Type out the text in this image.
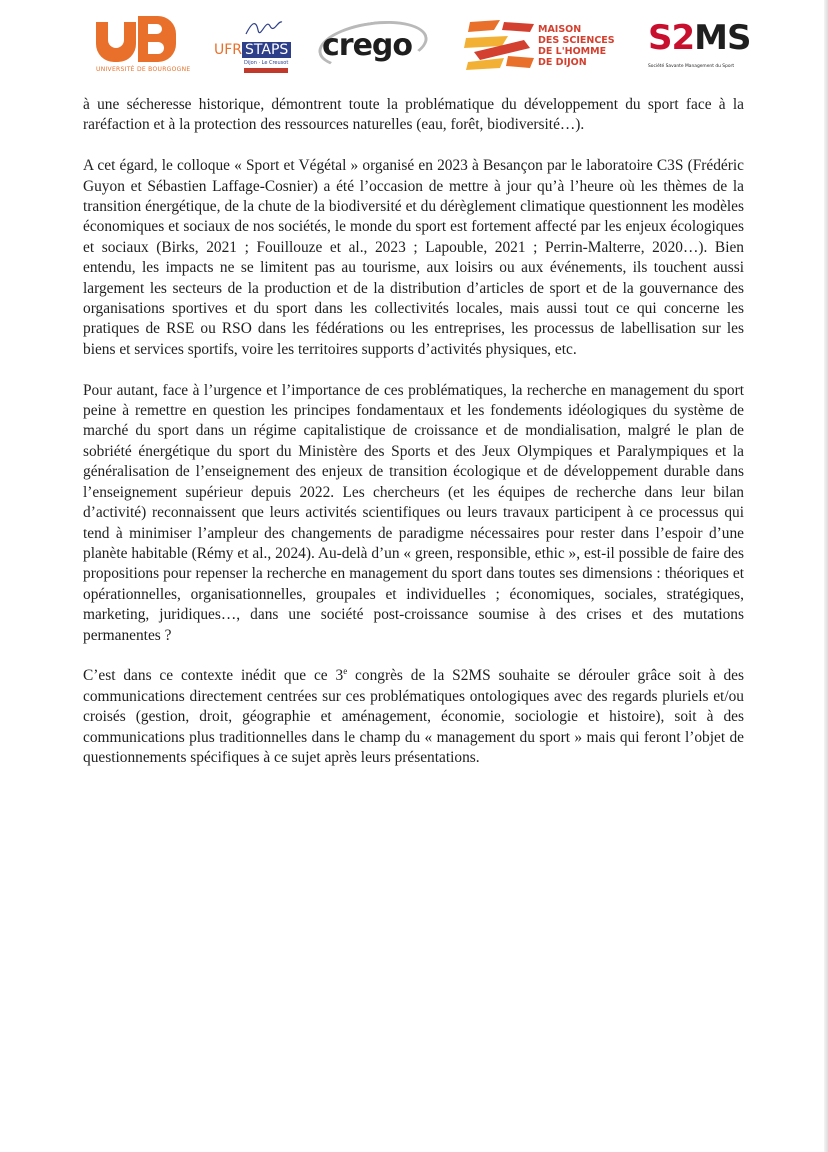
UNIVERSITÉ DE BOURGOGNE
UFR STAPS
Dijon · Le Creusot crego	MAISON
DES SCIENCES
DE L'HOMME
DE DIJON
S2MS
Société Savante Management du Sport

à une sécheresse historique, démontrent toute la problématique du développement du sport face à la raréfaction et à la protection des ressources naturelles (eau, forêt, biodiversité…).

A cet égard, le colloque « Sport et Végétal » organisé en 2023 à Besançon par le laboratoire C3S (Frédéric Guyon et Sébastien Laffage-Cosnier) a été l’occasion de mettre à jour qu’à l’heure où les thèmes de la transition énergétique, de la chute de la biodiversité et du dérèglement climatique questionnent les modèles économiques et sociaux de nos sociétés, le monde du sport est fortement affecté par les enjeux écologiques et sociaux (Birks, 2021 ; Fouillouze et al., 2023 ; Lapouble, 2021 ; Perrin-Malterre, 2020…). Bien entendu, les impacts ne se limitent pas au tourisme, aux loisirs ou aux événements, ils touchent aussi largement les secteurs de la production et de la distribution d’articles de sport et de la gouvernance des organisations sportives et du sport dans les collectivités locales, mais aussi tout ce qui concerne les pratiques de RSE ou RSO dans les fédérations ou les entreprises, les processus de labellisation sur les biens et services sportifs, voire les territoires supports d’activités physiques, etc.

Pour autant, face à l’urgence et l’importance de ces problématiques, la recherche en management du sport peine à remettre en question les principes fondamentaux et les fondements idéologiques du système de marché du sport dans un régime capitalistique de croissance et de mondialisation, malgré le plan de sobriété énergétique du sport du Ministère des Sports et des Jeux Olympiques et Paralympiques et la généralisation de l’enseignement des enjeux de transition écologique et de développement durable dans l’enseignement supérieur depuis 2022. Les chercheurs (et les équipes de recherche dans leur bilan d’activité) reconnaissent que leurs activités scientifiques ou leurs travaux participent à ce processus qui tend à minimiser l’ampleur des changements de paradigme nécessaires pour rester dans l’espoir d’une planète habitable (Rémy et al., 2024). Au-delà d’un « green, responsible, ethic », est-il possible de faire des propositions pour repenser la recherche en management du sport dans toutes ses dimensions : théoriques et opérationnelles, organisationnelles, groupales et individuelles ; économiques, sociales, stratégiques, marketing, juridiques…, dans une société post-croissance soumise à des crises et des mutations permanentes ?

C’est dans ce contexte inédit que ce 3e congrès de la S2MS souhaite se dérouler grâce soit à des communications directement centrées sur ces problématiques ontologiques avec des regards pluriels et/ou croisés (gestion, droit, géographie et aménagement, économie, sociologie et histoire), soit à des communications plus traditionnelles dans le champ du « management du sport » mais qui feront l’objet de questionnements spécifiques à ce sujet après leurs présentations.
